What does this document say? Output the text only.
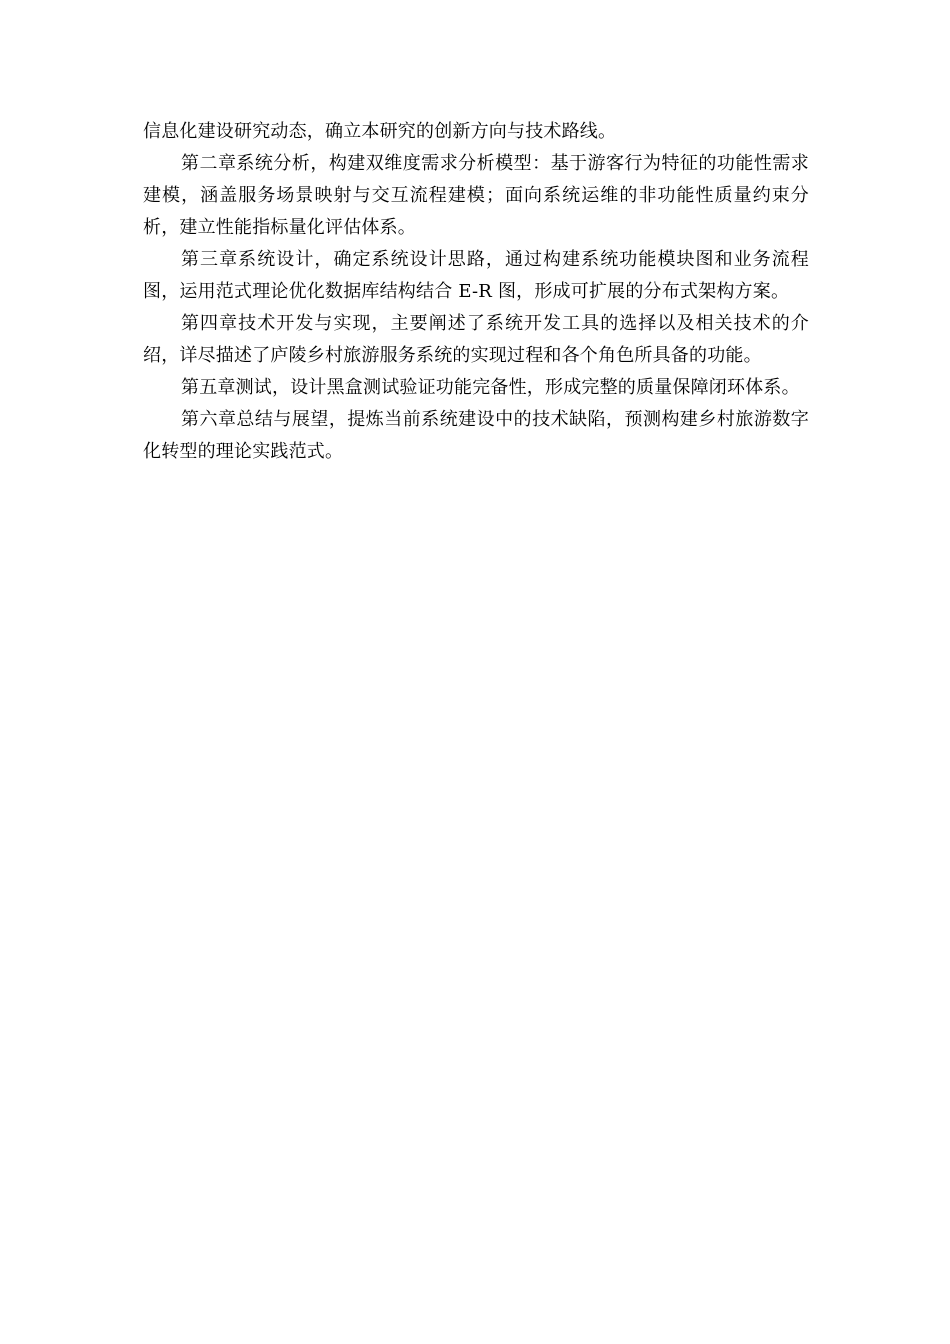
信息化建设研究动态，确立本研究的创新方向与技术路线。

第二章系统分析，构建双维度需求分析模型：基于游客行为特征的功能性需求建模，涵盖服务场景映射与交互流程建模；面向系统运维的非功能性质量约束分析，建立性能指标量化评估体系。

第三章系统设计，确定系统设计思路，通过构建系统功能模块图和业务流程图，运用范式理论优化数据库结构结合 E-R 图，形成可扩展的分布式架构方案。

第四章技术开发与实现，主要阐述了系统开发工具的选择以及相关技术的介绍，详尽描述了庐陵乡村旅游服务系统的实现过程和各个角色所具备的功能。

第五章测试，设计黑盒测试验证功能完备性，形成完整的质量保障闭环体系。

第六章总结与展望，提炼当前系统建设中的技术缺陷，预测构建乡村旅游数字化转型的理论实践范式。
